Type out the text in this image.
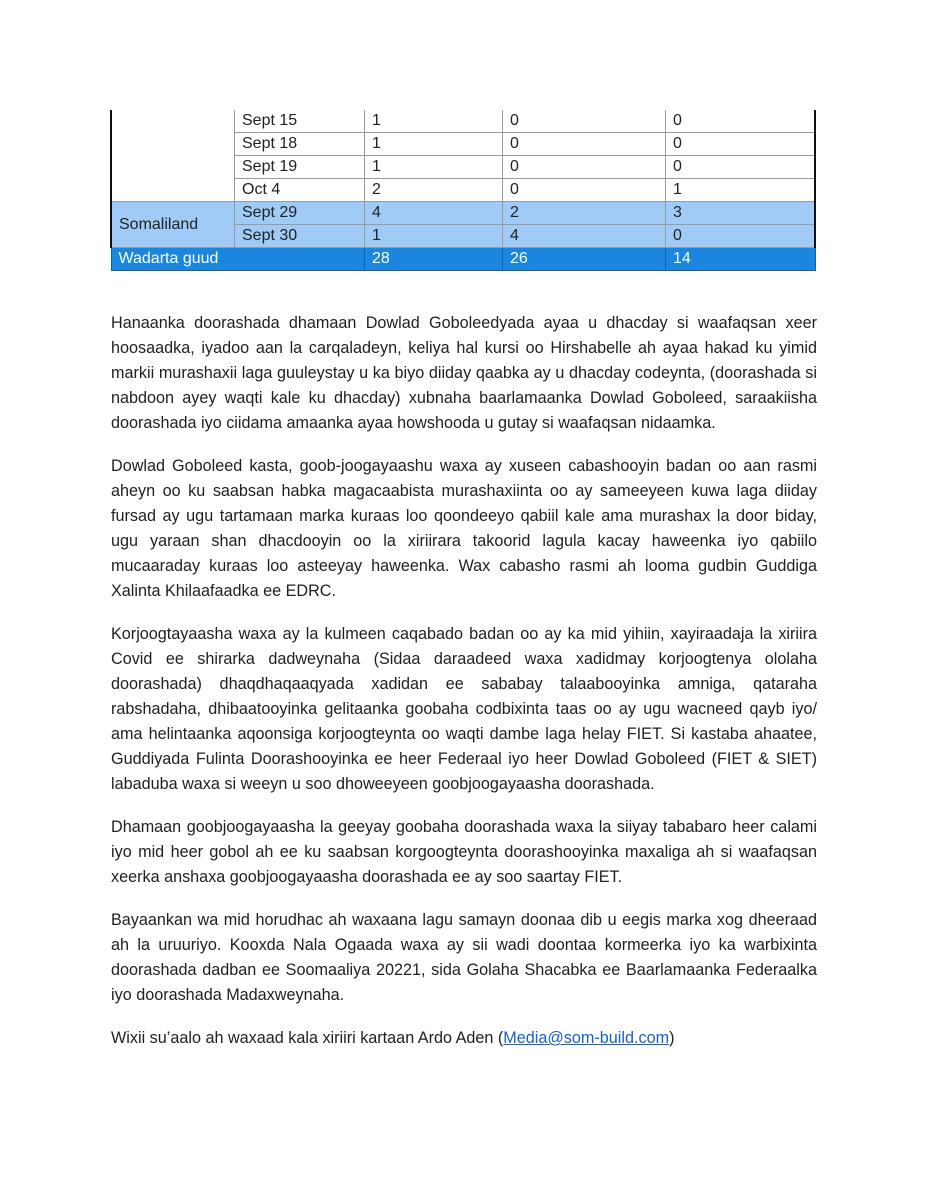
	Sept 15	1	0	0
	Sept 18	1	0	0
	Sept 19	1	0	0
	Oct 4	2	0	1
Somaliland	Sept 29	4	2	3
	Sept 30	1	4	0
Wadarta guud		28	26	14

Hanaanka doorashada dhamaan Dowlad Goboleedyada ayaa u dhacday si waafaqsan xeer hoosaadka, iyadoo aan la carqaladeyn, keliya hal kursi oo Hirshabelle ah ayaa hakad ku yimid markii murashaxii laga guuleystay u ka biyo diiday qaabka ay u dhacday codeynta, (doorashada si nabdoon ayey waqti kale ku dhacday) xubnaha baarlamaanka Dowlad Goboleed, saraakiisha doorashada iyo ciidama amaanka ayaa howshooda u gutay si waafaqsan nidaamka.

Dowlad Goboleed kasta, goob-joogayaashu waxa ay xuseen cabashooyin badan oo aan rasmi aheyn oo ku saabsan habka magacaabista murashaxiinta oo ay sameeyeen kuwa laga diiday fursad ay ugu tartamaan marka kuraas loo qoondeeyo qabiil kale ama murashax la door biday, ugu yaraan shan dhacdooyin oo la xiriirara takoorid lagula kacay haweenka iyo qabiilo mucaaraday kuraas loo asteeyay haweenka. Wax cabasho rasmi ah looma gudbin Guddiga Xalinta Khilaafaadka ee EDRC.

Korjoogtayaasha waxa ay la kulmeen caqabado badan oo ay ka mid yihiin, xayiraadaja la xiriira Covid ee shirarka dadweynaha (Sidaa daraadeed waxa xadidmay korjoogtenya ololaha doorashada) dhaqdhaqaaqyada xadidan ee sababay talaabooyinka amniga, qataraha rabshadaha, dhibaatooyinka gelitaanka goobaha codbixinta taas oo ay ugu wacneed qayb iyo/ ama helintaanka aqoonsiga korjoogteynta oo waqti dambe laga helay FIET. Si kastaba ahaatee, Guddiyada Fulinta Doorashooyinka ee heer Federaal iyo heer Dowlad Goboleed (FIET & SIET) labaduba waxa si weeyn u soo dhoweeyeen goobjoogayaasha doorashada.

Dhamaan goobjoogayaasha la geeyay goobaha doorashada waxa la siiyay tababaro heer calami iyo mid heer gobol ah ee ku saabsan korgoogteynta doorashooyinka maxaliga ah si waafaqsan xeerka anshaxa goobjoogayaasha doorashada ee ay soo saartay FIET.

Bayaankan wa mid horudhac ah waxaana lagu samayn doonaa dib u eegis marka xog dheeraad ah la uruuriyo. Kooxda Nala Ogaada waxa ay sii wadi doontaa kormeerka iyo ka warbixinta doorashada dadban ee Soomaaliya 20221, sida Golaha Shacabka ee Baarlamaanka Federaalka iyo doorashada Madaxweynaha.

Wixii su’aalo ah waxaad kala xiriiri kartaan Ardo Aden (Media@som-build.com)
